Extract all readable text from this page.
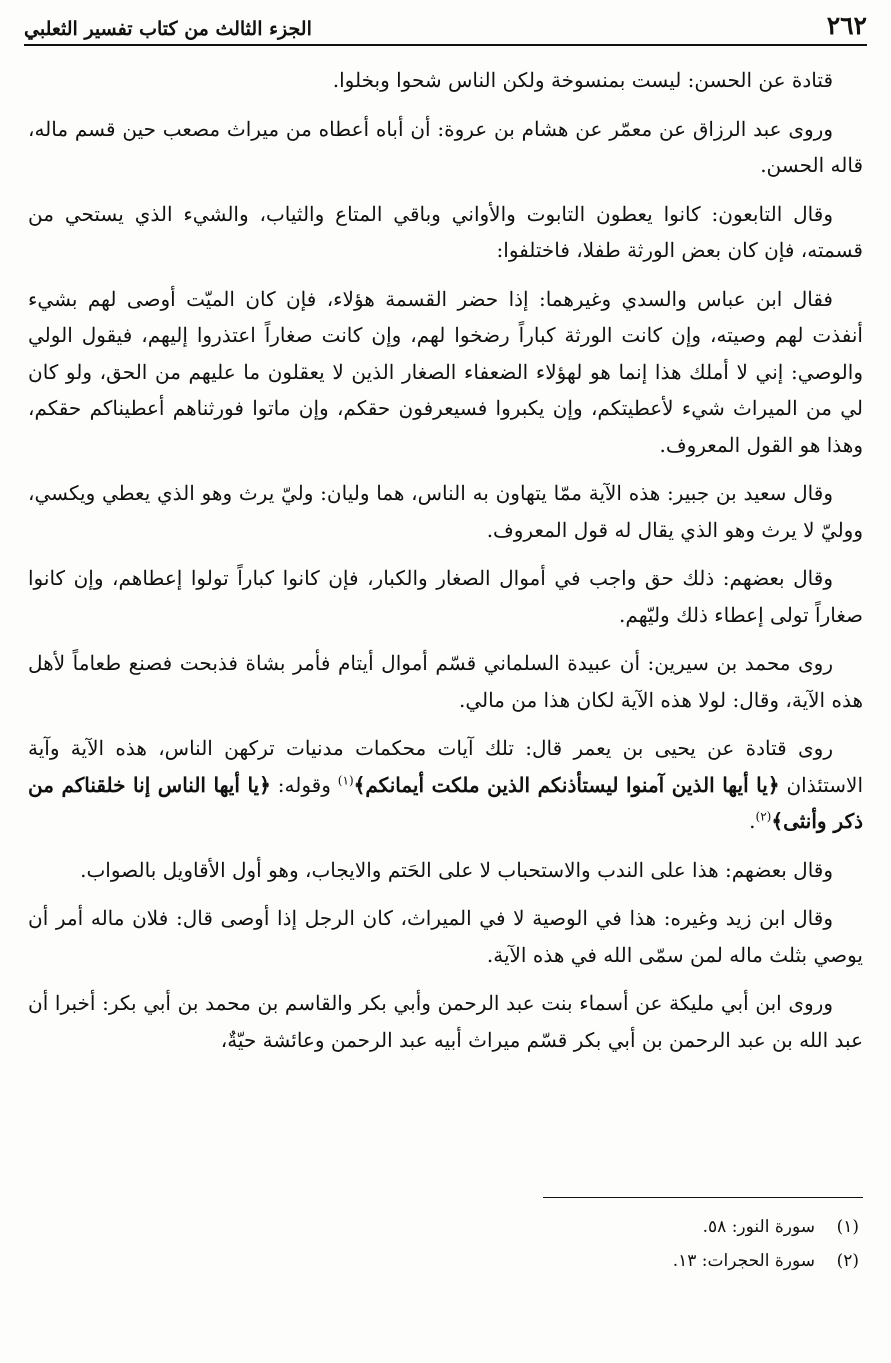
٢٦٢
الجزء الثالث من كتاب تفسير الثعلبي

قتادة عن الحسن: ليست بمنسوخة ولكن الناس شحوا وبخلوا.

وروى عبد الرزاق عن معمّر عن هشام بن عروة: أن أباه أعطاه من ميراث مصعب حين قسم ماله، قاله الحسن.

وقال التابعون: كانوا يعطون التابوت والأواني وباقي المتاع والثياب، والشيء الذي يستحي من قسمته، فإن كان بعض الورثة طفلا، فاختلفوا:

فقال ابن عباس والسدي وغيرهما: إذا حضر القسمة هؤلاء، فإن كان الميّت أوصى لهم بشيء أنفذت لهم وصيته، وإن كانت الورثة كباراً رضخوا لهم، وإن كانت صغاراً اعتذروا إليهم، فيقول الولي والوصي: إني لا أملك هذا إنما هو لهؤلاء الضعفاء الصغار الذين لا يعقلون ما عليهم من الحق، ولو كان لي من الميراث شيء لأعطيتكم، وإن يكبروا فسيعرفون حقكم، وإن ماتوا فورثناهم أعطيناكم حقكم، وهذا هو القول المعروف.

وقال سعيد بن جبير: هذه الآية ممّا يتهاون به الناس، هما وليان: وليّ يرث وهو الذي يعطي ويكسي، ووليّ لا يرث وهو الذي يقال له قول المعروف.

وقال بعضهم: ذلك حق واجب في أموال الصغار والكبار، فإن كانوا كباراً تولوا إعطاهم، وإن كانوا صغاراً تولى إعطاء ذلك وليّهم.

روى محمد بن سيرين: أن عبيدة السلماني قسّم أموال أيتام فأمر بشاة فذبحت فصنع طعاماً لأهل هذه الآية، وقال: لولا هذه الآية لكان هذا من مالي.

روى قتادة عن يحيى بن يعمر قال: تلك آيات محكمات مدنيات تركهن الناس، هذه الآية وآية الاستئذان ﴿يا أيها الذين آمنوا ليستأذنكم الذين ملكت أيمانكم﴾$^{(١)}$ وقوله: ﴿يا أيها الناس إنا خلقناكم من ذكر وأنثى﴾$^{(٢)}$.

وقال بعضهم: هذا على الندب والاستحباب لا على الحَتم والايجاب، وهو أول الأقاويل بالصواب.

وقال ابن زيد وغيره: هذا في الوصية لا في الميراث، كان الرجل إذا أوصى قال: فلان ماله أمر أن يوصي بثلث ماله لمن سمّى الله في هذه الآية.

وروى ابن أبي مليكة عن أسماء بنت عبد الرحمن وأبي بكر والقاسم بن محمد بن أبي بكر: أخبرا أن عبد الله بن عبد الرحمن بن أبي بكر قسّم ميراث أبيه عبد الرحمن وعائشة حيّةٌ،

(١)
سورة النور: ٥٨.
(٢)
سورة الحجرات: ١٣.
